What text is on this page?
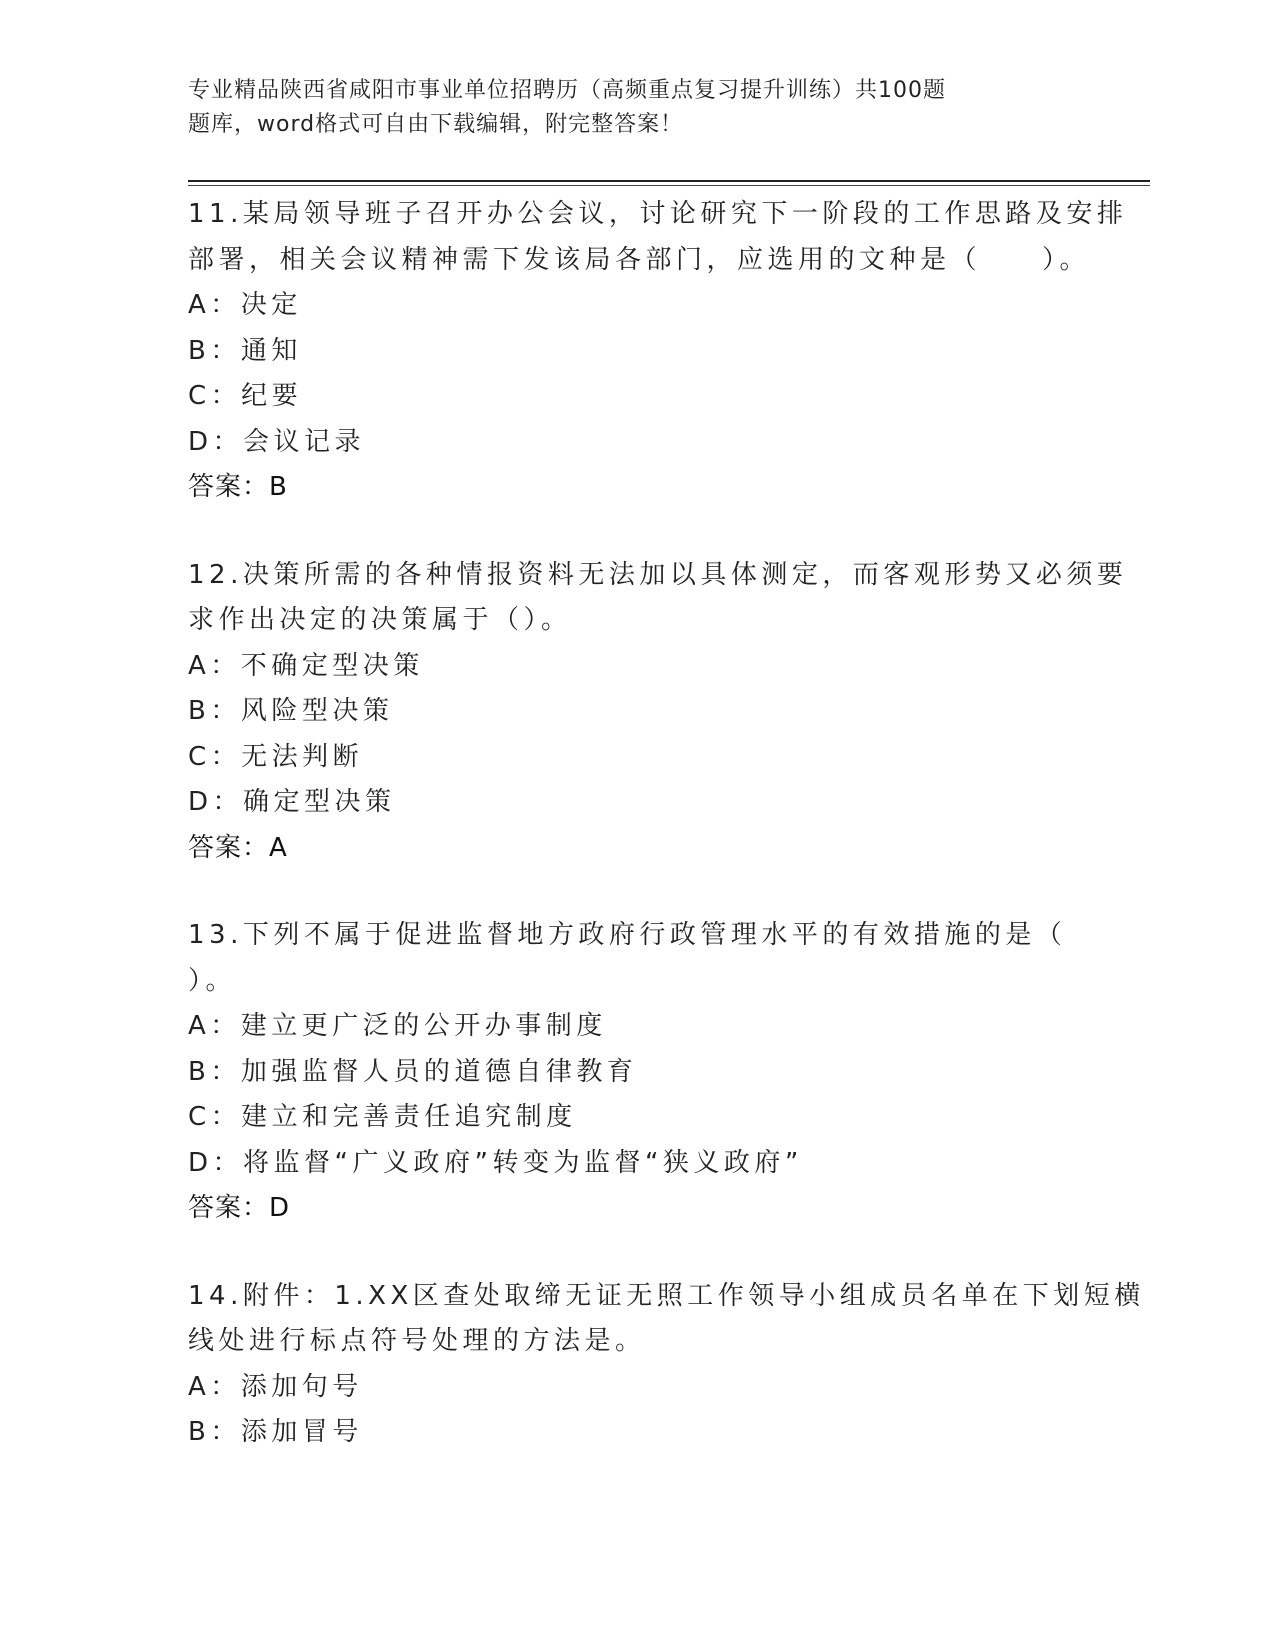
专业精品陕西省咸阳市事业单位招聘历（高频重点复习提升训练）共100题
题库，word格式可自由下载编辑，附完整答案！
11.某局领导班子召开办公会议，讨论研究下一阶段的工作思路及安排
部署，相关会议精神需下发该局各部门，应选用的文种是（　　）。
A：决定
B：通知
C：纪要
D：会议记录
答案：B
12.决策所需的各种情报资料无法加以具体测定，而客观形势又必须要
求作出决定的决策属于（）。
A：不确定型决策
B：风险型决策
C：无法判断
D：确定型决策
答案：A
13.下列不属于促进监督地方政府行政管理水平的有效措施的是（
）。
A：建立更广泛的公开办事制度
B：加强监督人员的道德自律教育
C：建立和完善责任追究制度
D：将监督“广义政府”转变为监督“狭义政府”
答案：D
14.附件：1.XX区查处取缔无证无照工作领导小组成员名单在下划短横
线处进行标点符号处理的方法是。
A：添加句号
B：添加冒号
